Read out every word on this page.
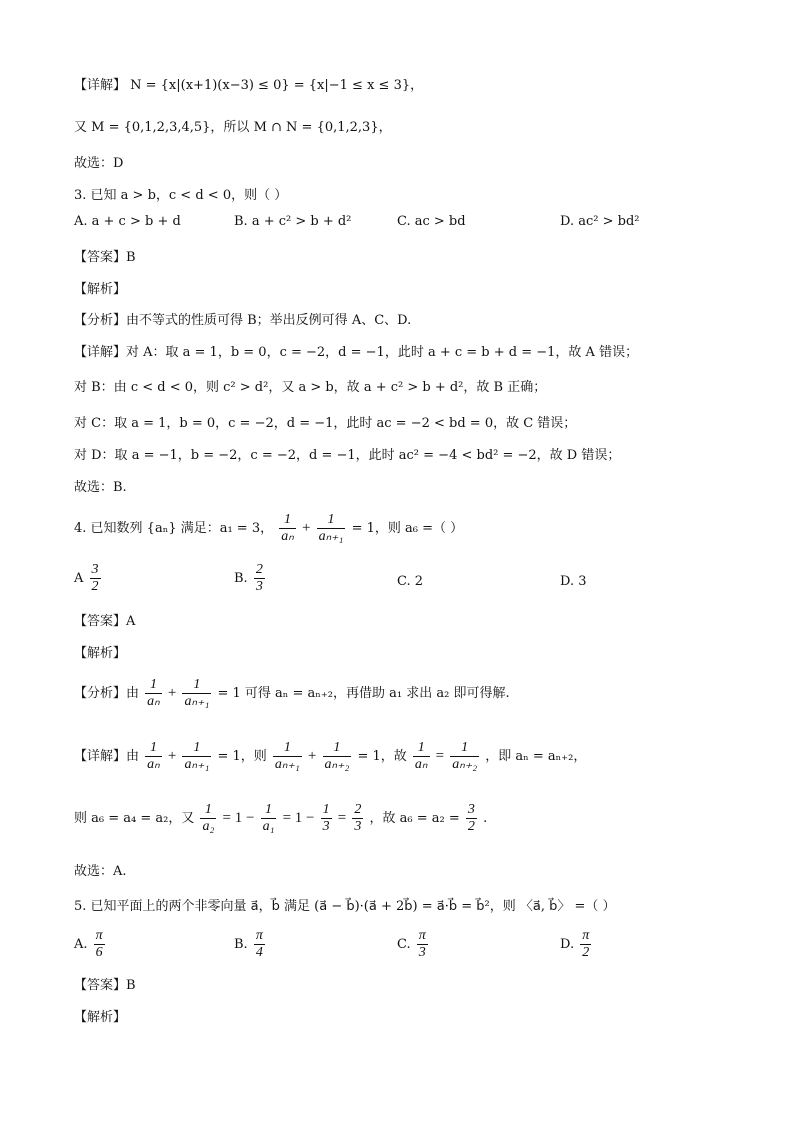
【详解】 N = {x|(x+1)(x−3) ≤ 0} = {x|−1 ≤ x ≤ 3}，
又 M = {0,1,2,3,4,5}，所以 M ∩ N = {0,1,2,3}，
故选：D
3. 已知 a > b，c < d < 0，则（ ）
A. a + c > b + d	B. a + c² > b + d²	C. ac > bd	D. ac² > bd²
【答案】B
【解析】
【分析】由不等式的性质可得 B；举出反例可得 A、C、D.
【详解】对 A：取 a = 1，b = 0，c = −2，d = −1，此时 a + c = b + d = −1，故 A 错误；
对 B：由 c < d < 0，则 c² > d²，又 a > b，故 a + c² > b + d²，故 B 正确；
对 C：取 a = 1，b = 0，c = −2，d = −1，此时 ac = −2 < bd = 0，故 C 错误；
对 D：取 a = −1，b = −2，c = −2，d = −1，此时 ac² = −4 < bd² = −2，故 D 错误；
故选：B.
4. 已知数列 {aₙ} 满足：a₁ = 3， $\frac{1}{\text{aₙ}} + \frac{1}{\text{aₙ₊₁}} = 1$，则 a₆ =（ ）
A $\frac{3}{2}$	B. $\frac{2}{3}$	C. 2	D. 3
【答案】A
【解析】
【分析】由 $\frac{1}{\text{aₙ}} + \frac{1}{\text{aₙ₊₁}} = 1$ 可得 aₙ = aₙ₊₂，再借助 a₁ 求出 a₂ 即可得解.
【详解】由 $\frac{1}{\text{aₙ}} + \frac{1}{\text{aₙ₊₁}} = 1$，则 $\frac{1}{\text{aₙ₊₁}} + \frac{1}{\text{aₙ₊₂}} = 1$，故 $\frac{1}{\text{aₙ}} = \frac{1}{\text{aₙ₊₂}}$ ，即 aₙ = aₙ₊₂，
则 a₆ = a₄ = a₂，又 $\frac{1}{\text{a₂}} = 1 - \frac{1}{\text{a₁}} = 1 - \frac{1}{3} = \frac{2}{3}$ ，故 $a_6 = a_2 = \frac{3}{2}$ .
故选：A.
5. 已知平面上的两个非零向量 a⃗，b⃗ 满足 (a⃗ − b⃗)·(a⃗ + 2b⃗) = a⃗·b⃗ = b⃗²，则 〈a⃗, b⃗〉 =（ ）
A. $\frac{\pi}{6}$	B. $\frac{\pi}{4}$	C. $\frac{\pi}{3}$	D. $\frac{\pi}{2}$
【答案】B
【解析】
